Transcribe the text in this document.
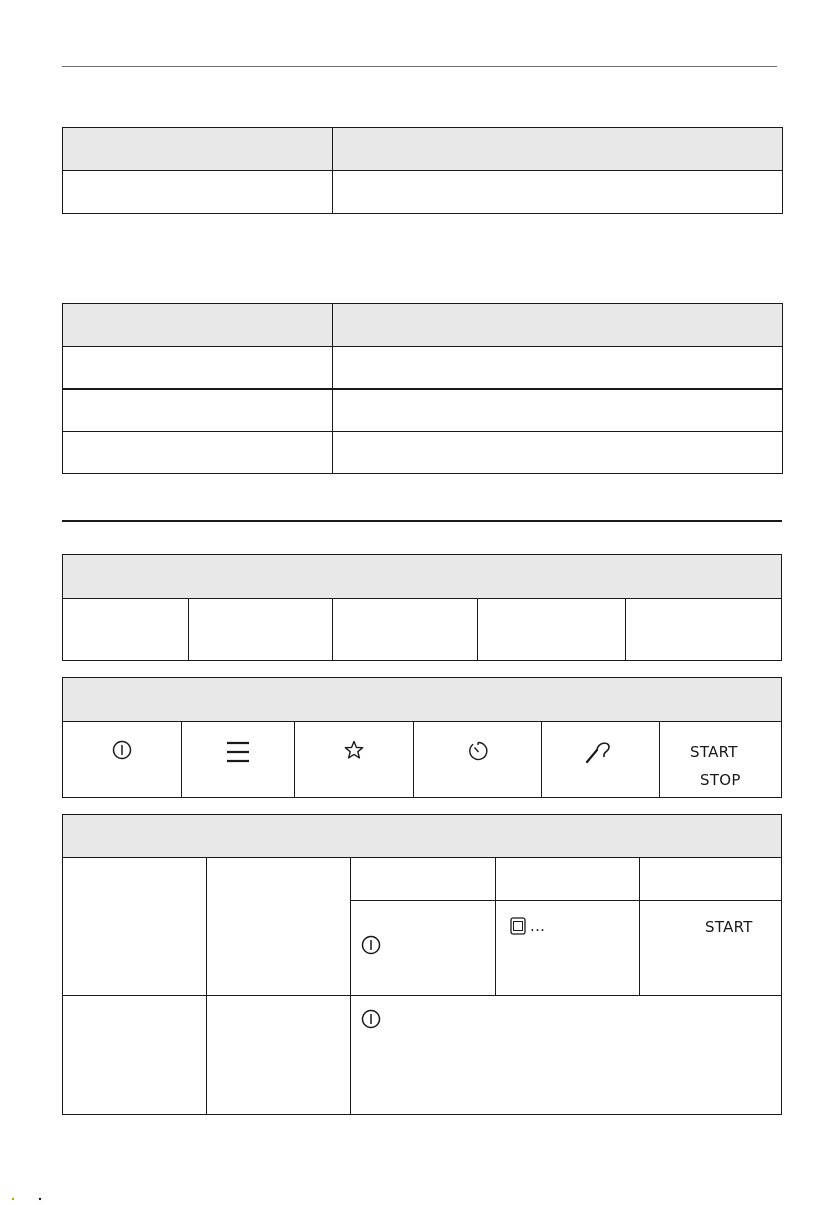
START
STOP
...	START
